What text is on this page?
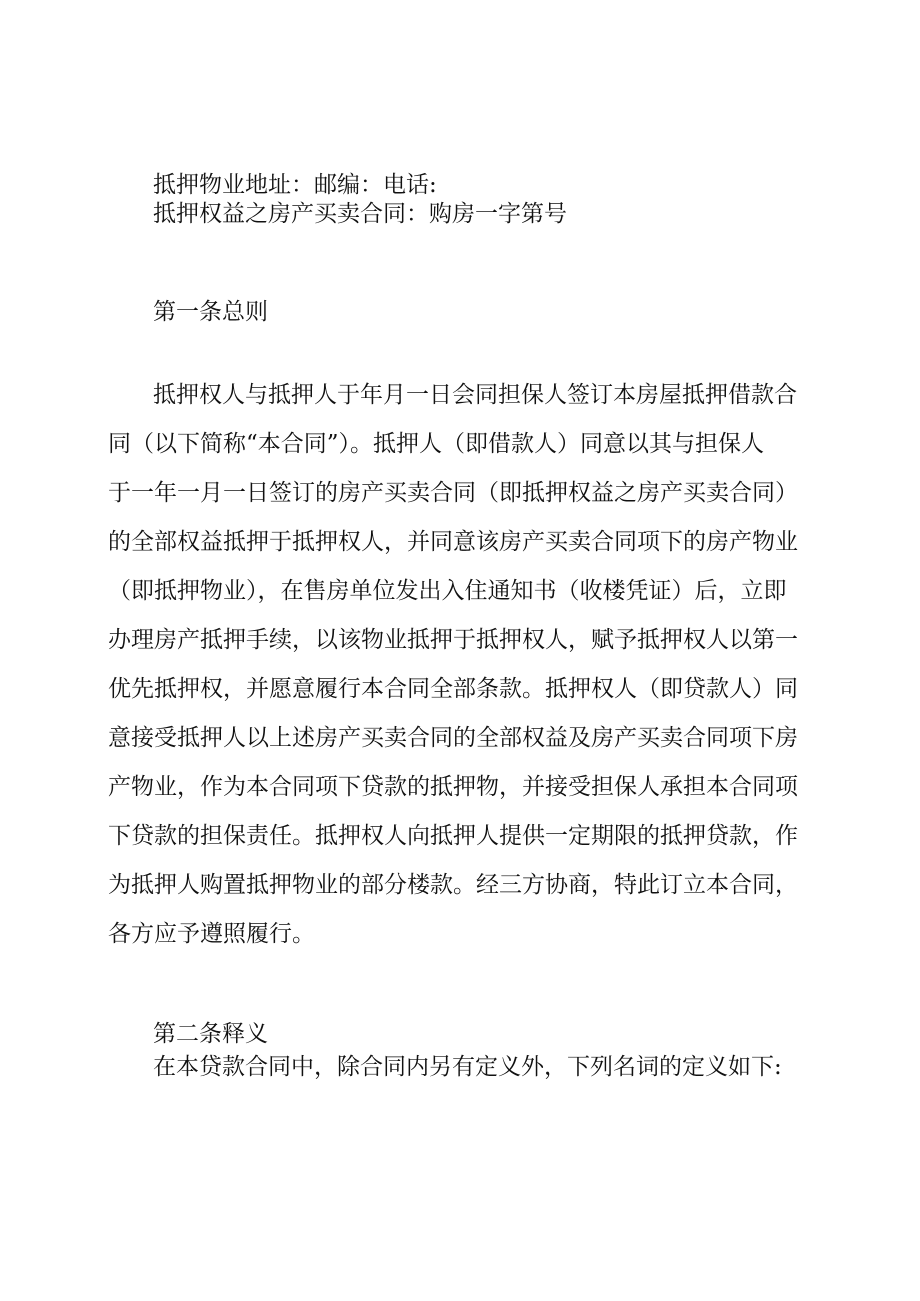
抵押物业地址：邮编：电话:

抵押权益之房产买卖合同：购房一字第号

第一条总则

抵押权人与抵押人于年月一日会同担保人签订本房屋抵押借款合
同（以下简称“本合同”）。抵押人（即借款人）同意以其与担保人
于一年一月一日签订的房产买卖合同（即抵押权益之房产买卖合同）
的全部权益抵押于抵押权人，并同意该房产买卖合同项下的房产物业
（即抵押物业），在售房单位发出入住通知书（收楼凭证）后，立即
办理房产抵押手续，以该物业抵押于抵押权人，赋予抵押权人以第一
优先抵押权，并愿意履行本合同全部条款。抵押权人（即贷款人）同
意接受抵押人以上述房产买卖合同的全部权益及房产买卖合同项下房
产物业，作为本合同项下贷款的抵押物，并接受担保人承担本合同项
下贷款的担保责任。抵押权人向抵押人提供一定期限的抵押贷款，作
为抵押人购置抵押物业的部分楼款。经三方协商，特此订立本合同，
各方应予遵照履行。

第二条释义

在本贷款合同中，除合同内另有定义外，下列名词的定义如下:
